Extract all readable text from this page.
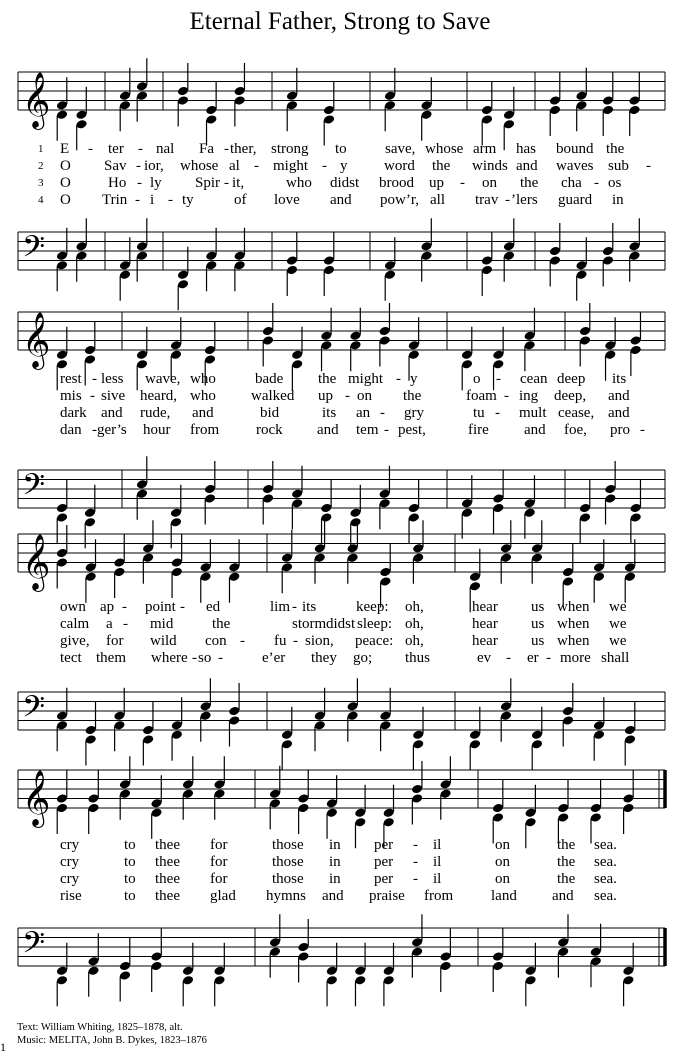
Eternal Father, Strong to Save
𝄞
1 E - ter - nal Fa - ther, strong to	save, whose arm has bound the
2 O Sav - ior, whose al - might - y word the winds and waves sub -
3 O Ho - ly Spir - it,	who didst brood up - on the cha - os
4 O Trin - i - ty	of love and pow’r, all trav - ’lers guard in
𝄢
𝄞
rest - less wave, who	bade the might - y	o - cean deep its
mis - sive heard, who walked up - on the	foam - ing deep, and
dark and rude, and	bid	its an - gry	tu - mult cease, and
dan - ger’s hour from rock and tem - pest,	fire and foe, pro -
𝄢
𝄞
own ap - point - ed	lim - its	keep: oh,	hear us when we
calm a - mid	the	storm didst sleep: oh,	hear us when we
give, for wild con - fu - sion, peace: oh,	hear us when we
tect them where - so -	e’er they go; thus	ev - er - more shall
𝄢
𝄞
cry	to thee for	those in per - il	on	the sea.
cry	to thee for	those in per - il	on	the sea.
cry	to thee for	those in per - il	on	the sea.
rise	to thee glad hymns and praise from	land and sea.
𝄢
Text: William Whiting, 1825–1878, alt.
Music: MELITA, John B. Dykes, 1823–1876
1
